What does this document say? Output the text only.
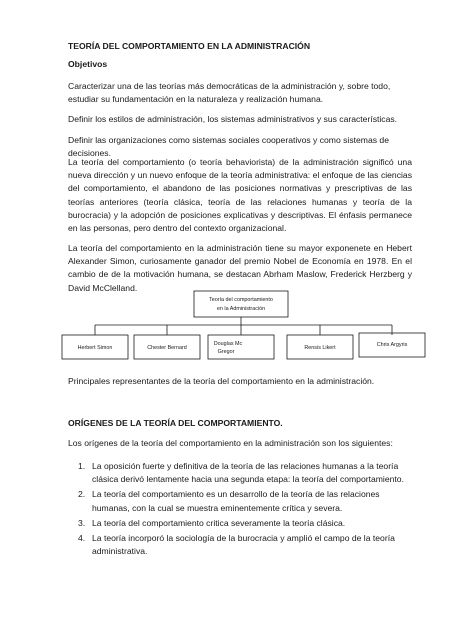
TEORÍA DEL COMPORTAMIENTO EN LA ADMINISTRACIÓN
Objetivos
Caracterizar una de las teorías más democráticas de la administración y, sobre todo, estudiar su fundamentación en la naturaleza y realización humana.
Definir los estilos de administración, los sistemas administrativos y sus características.
Definir las organizaciones como sistemas sociales cooperativos y como sistemas de decisiones.
La teoría del comportamiento (o teoría behaviorista) de la administración significó una nueva dirección y un nuevo enfoque de la teoría administrativa: el enfoque de las ciencias del comportamiento, el abandono de las posiciones normativas y prescriptivas de las teorías anteriores (teoría clásica, teoría de las relaciones humanas y teoría de la burocracia) y la adopción de posiciones explicativas y descriptivas. El énfasis permanece en las personas, pero dentro del contexto organizacional.
La teoría del comportamiento en la administración tiene su mayor exponenete en Hebert Alexander Simon, curiosamente ganador del premio Nobel de Economía en 1978. En el cambio de de la motivación humana, se destacan Abrham Maslow, Frederick Herzberg y David McClelland.
Teoría del comportamiento
en la Administración
Herbert Simon	Chester Bernard
Douglas Mc
Gregor
Rensis Likert	Chris Argyris
Principales representantes de la teoría del comportamiento en la administración.
ORÍGENES DE LA TEORÍA DEL COMPORTAMIENTO.
Los orígenes de la teoría del comportamiento en la administración son los siguientes:
1. La oposición fuerte y definitiva de la teoría de las relaciones humanas a la teoría clásica derivó lentamente hacia una segunda etapa: la teoría del comportamiento.
2. La teoría del comportamiento es un desarrollo de la teoría de las relaciones humanas, con la cual se muestra eminentemente crítica y severa.
3. La teoría del comportamiento critica severamente la teoría clásica.
4. La teoría incorporó la sociología de la burocracia y amplió el campo de la teoría administrativa.
